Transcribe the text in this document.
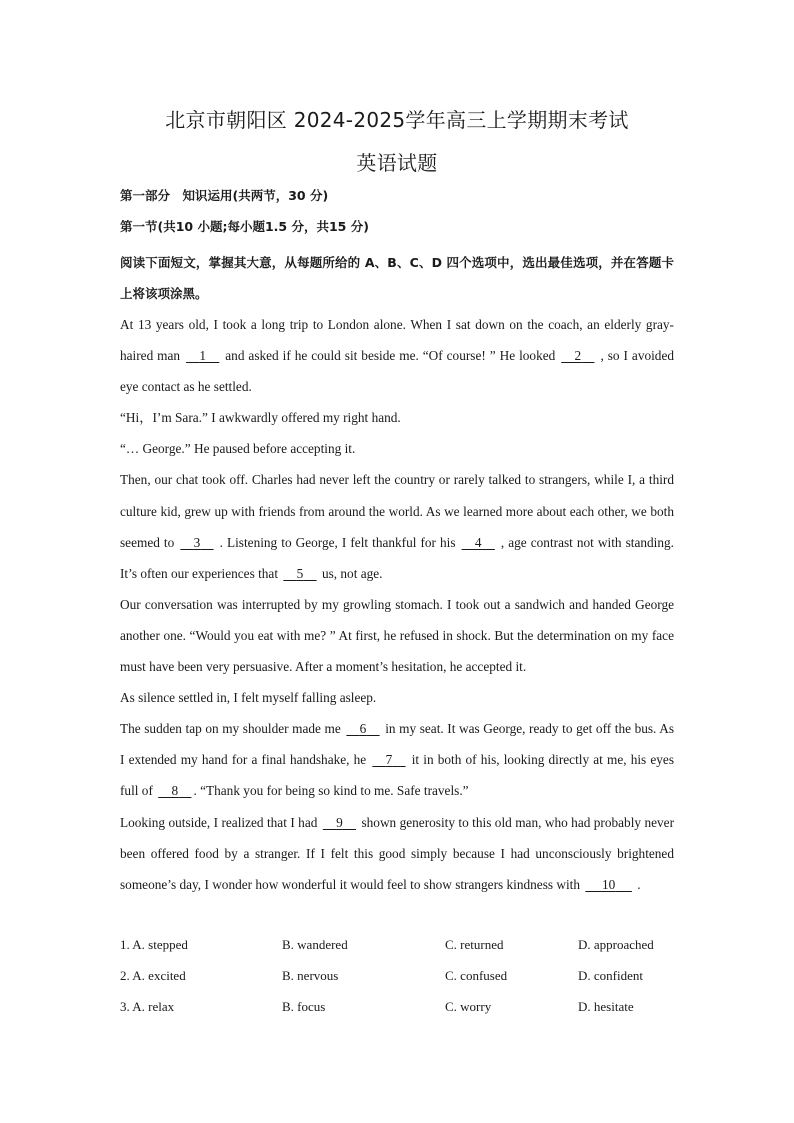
北京市朝阳区 2024-2025学年高三上学期期末考试
英语试题
第一部分　知识运用(共两节，30 分)
第一节(共10 小题;每小题1.5 分，共15 分)
阅读下面短文，掌握其大意，从每题所给的 A、B、C、D 四个选项中，选出最佳选项，并在答题卡上将该项涂黑。

At 13 years old, I took a long trip to London alone. When I sat down on the coach, an elderly gray-haired man     1 and asked if he could sit beside me. “Of course! ” He looked     2 , so I avoided eye contact as he settled.

“Hi，I’m Sara.” I awkwardly offered my right hand.

“… George.” He paused before accepting it.

Then, our chat took off. Charles had never left the country or rarely talked to strangers, while I, a third culture kid, grew up with friends from around the world. As we learned more about each other, we both seemed to     3 . Listening to George, I felt thankful for his     4 , age contrast not with standing. It’s often our experiences that     5 us, not age.

Our conversation was interrupted by my growling stomach. I took out a sandwich and handed George another one. “Would you eat with me? ” At first, he refused in shock. But the determination on my face must have been very persuasive. After a moment’s hesitation, he accepted it.

As silence settled in, I felt myself falling asleep.

The sudden tap on my shoulder made me     6 in my seat. It was George, ready to get off the bus. As I extended my hand for a final handshake, he     7 it in both of his, looking directly at me, his eyes full of     8 . “Thank you for being so kind to me. Safe travels.”

Looking outside, I realized that I had     9 shown generosity to this old man, who had probably never been offered food by a stranger. If I felt this good simply because I had unconsciously brightened someone’s day, I wonder how wonderful it would feel to show strangers kindness with      10 .

1. A. stepped	B. wandered	C. returned	D. approached
2. A. excited	B. nervous	C. confused	D. confident
3. A. relax	B. focus	C. worry	D. hesitate
